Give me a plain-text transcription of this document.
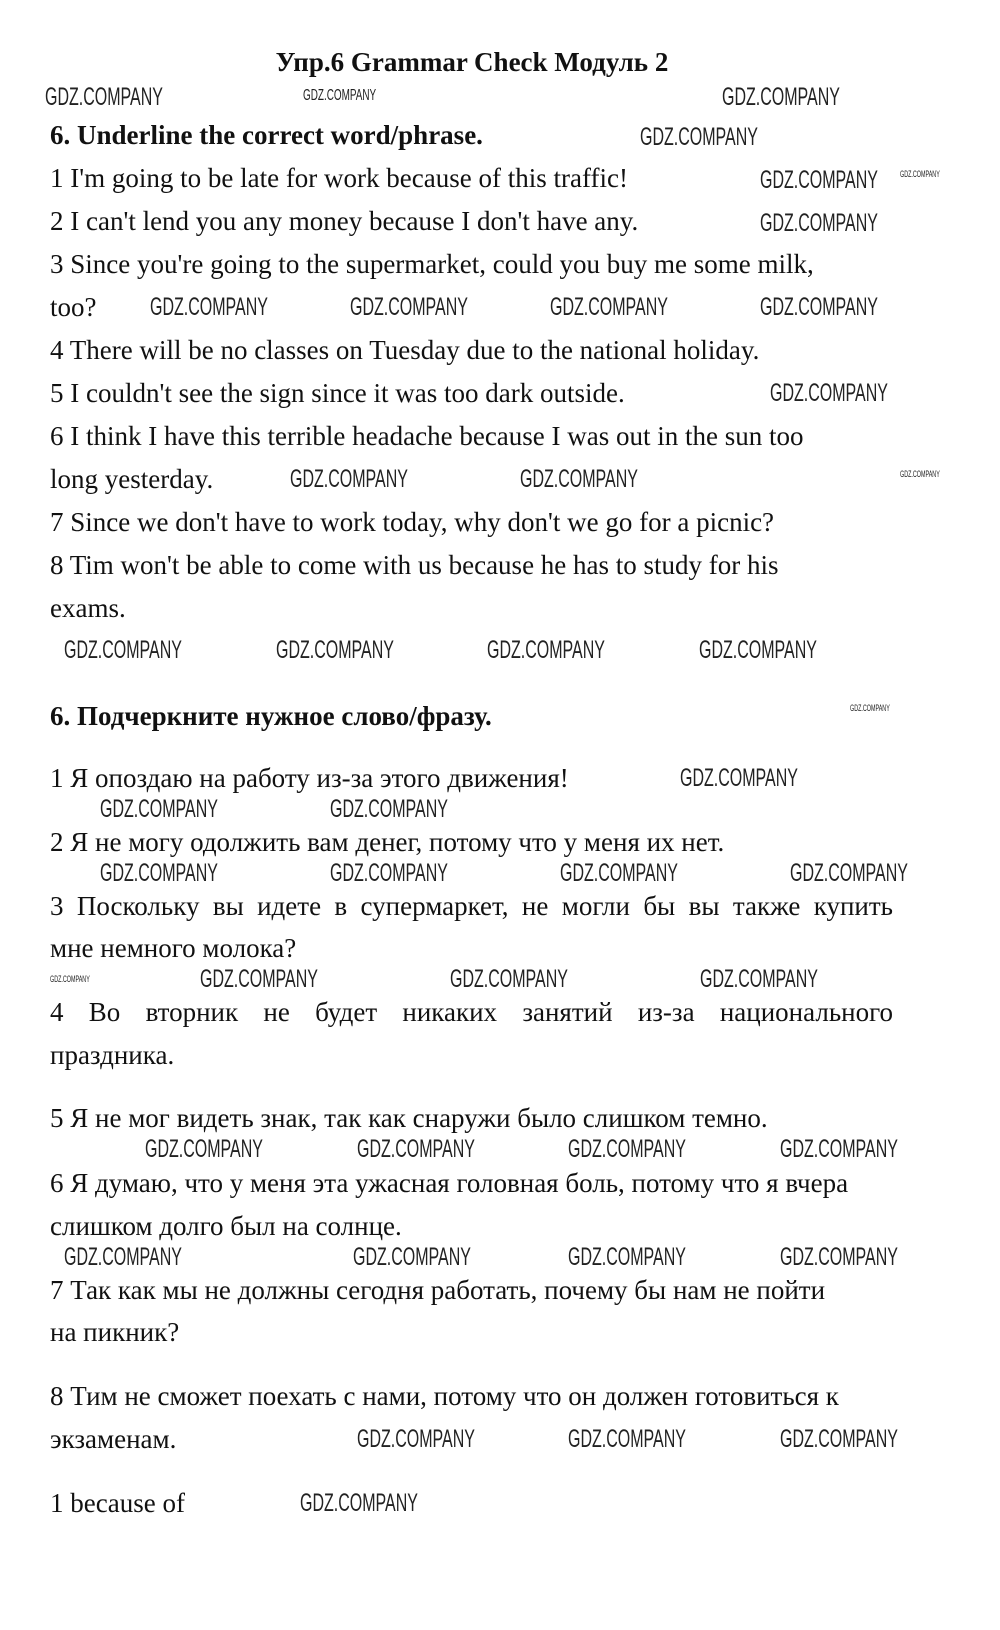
Упр.6 Grammar Check Модуль 2
6. Underline the correct word/phrase.
1 I'm going to be late for work because of this traffic!
2 I can't lend you any money because I don't have any.
3 Since you're going to the supermarket, could you buy me some milk,
too?
4 There will be no classes on Tuesday due to the national holiday.
5 I couldn't see the sign since it was too dark outside.
6 I think I have this terrible headache because I was out in the sun too
long yesterday.
7 Since we don't have to work today, why don't we go for a picnic?
8 Tim won't be able to come with us because he has to study for his
exams.
6. Подчеркните нужное слово/фразу.
1 Я опоздаю на работу из-за этого движения!
2 Я не могу одолжить вам денег, потому что у меня их нет.
3 Поскольку вы идете в супермаркет, не могли бы вы также купить
мне немного молока?
4 Во вторник не будет никаких занятий из-за национального
праздника.
5 Я не мог видеть знак, так как снаружи было слишком темно.
6 Я думаю, что у меня эта ужасная головная боль, потому что я вчера
слишком долго был на солнце.
7 Так как мы не должны сегодня работать, почему бы нам не пойти
на пикник?
8 Тим не сможет поехать с нами, потому что он должен готовиться к
экзаменам.
1 because of
GDZ.COMPANY	GDZ.COMPANY	GDZ.COMPANY
GDZ.COMPANY
GDZ.COMPANY
GDZ.COMPANY
GDZ.COMPANY
GDZ.COMPANY	GDZ.COMPANY	GDZ.COMPANY	GDZ.COMPANY
GDZ.COMPANY
GDZ.COMPANY
GDZ.COMPANY	GDZ.COMPANY
GDZ.COMPANY	GDZ.COMPANY	GDZ.COMPANY	GDZ.COMPANY
GDZ.COMPANY
GDZ.COMPANY	GDZ.COMPANY
GDZ.COMPANY
GDZ.COMPANY	GDZ.COMPANY	GDZ.COMPANY	GDZ.COMPANY
GDZ.COMPANY	GDZ.COMPANY	GDZ.COMPANY	GDZ.COMPANY
GDZ.COMPANY	GDZ.COMPANY	GDZ.COMPANY	GDZ.COMPANY
GDZ.COMPANY	GDZ.COMPANY	GDZ.COMPANY	GDZ.COMPANY
GDZ.COMPANY	GDZ.COMPANY	GDZ.COMPANY
GDZ.COMPANY
